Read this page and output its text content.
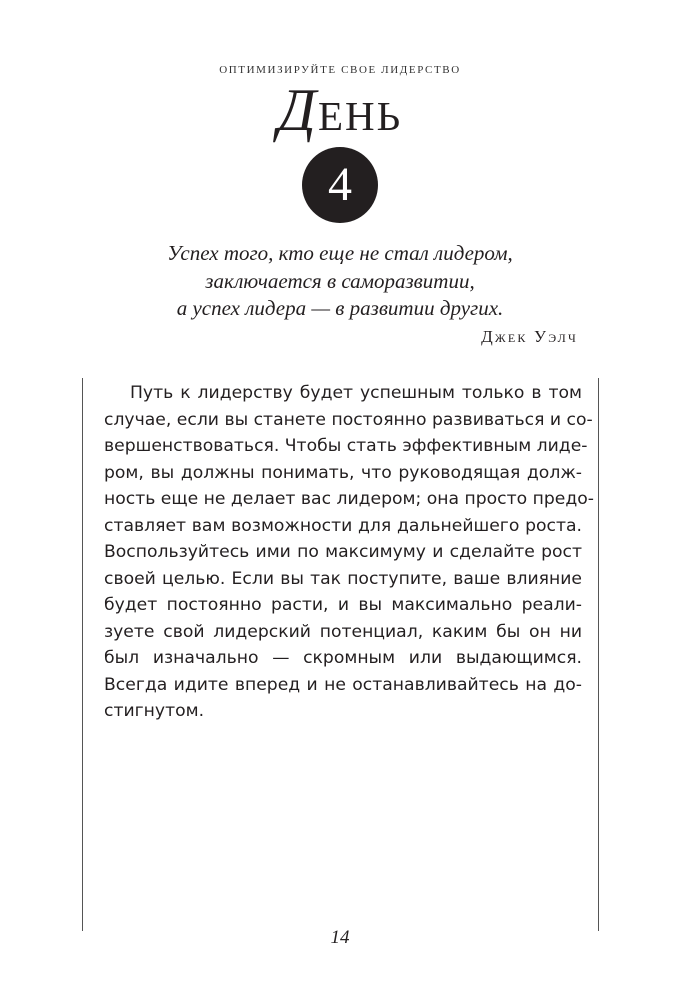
ОПТИМИЗИРУЙТЕ СВОЕ ЛИДЕРСТВО
День
4
Успех того, кто еще не стал лидером,
заключается в саморазвитии,
а успех лидера — в развитии других.
Джек Уэлч
Путь к лидерству будет успешным только в том
случае, если вы станете постоянно развиваться и со-
вершенствоваться. Чтобы стать эффективным лиде-
ром, вы должны понимать, что руководящая долж-
ность еще не делает вас лидером; она просто предо-
ставляет вам возможности для дальнейшего роста.
Воспользуйтесь ими по максимуму и сделайте рост
своей целью. Если вы так поступите, ваше влияние
будет постоянно расти, и вы максимально реали-
зуете свой лидерский потенциал, каким бы он ни
был изначально — скромным или выдающимся.
Всегда идите вперед и не останавливайтесь на до-
стигнутом.
14
